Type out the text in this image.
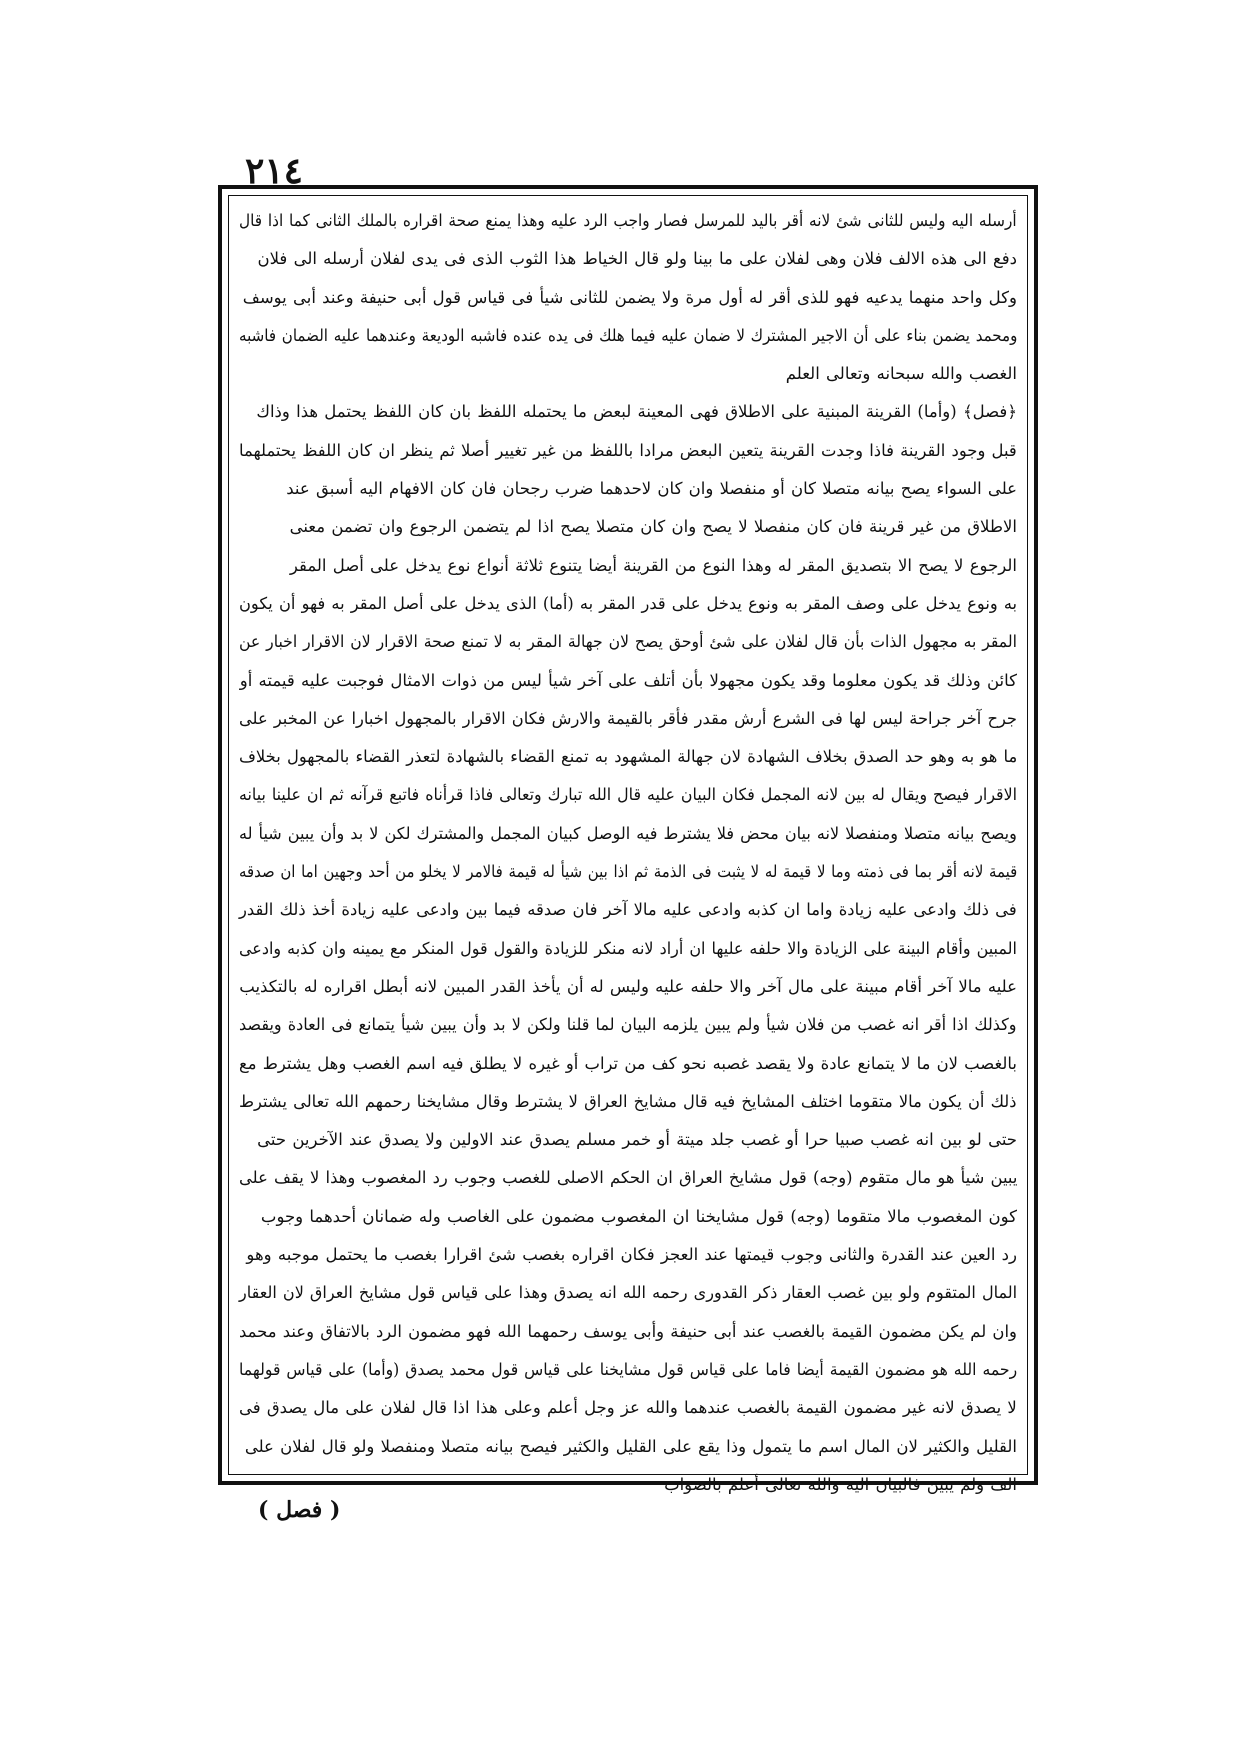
٢١٤
أرسله اليه وليس للثانى شئ لانه أقر باليد للمرسل فصار واجب الرد عليه وهذا يمنع صحة اقراره بالملك الثانى كما اذا قال
دفع الى هذه الالف فلان وهى لفلان على ما بينا ولو قال الخياط هذا الثوب الذى فى يدى لفلان أرسله الى فلان
وكل واحد منهما يدعيه فهو للذى أقر له أول مرة ولا يضمن للثانى شيأ فى قياس قول أبى حنيفة وعند أبى يوسف
ومحمد يضمن بناء على أن الاجير المشترك لا ضمان عليه فيما هلك فى يده عنده فاشبه الوديعة وعندهما عليه الضمان فاشبه
الغصب والله سبحانه وتعالى العلم
﴿فصل﴾ (وأما) القرينة المبنية على الاطلاق فهى المعينة لبعض ما يحتمله اللفظ بان كان اللفظ يحتمل هذا وذاك
قبل وجود القرينة فاذا وجدت القرينة يتعين البعض مرادا باللفظ من غير تغيير أصلا ثم ينظر ان كان اللفظ يحتملهما
على السواء يصح بيانه متصلا كان أو منفصلا وان كان لاحدهما ضرب رجحان فان كان الافهام اليه أسبق عند
الاطلاق من غير قرينة فان كان منفصلا لا يصح وان كان متصلا يصح اذا لم يتضمن الرجوع وان تضمن معنى
الرجوع لا يصح الا بتصديق المقر له وهذا النوع من القرينة أيضا يتنوع ثلاثة أنواع نوع يدخل على أصل المقر
به ونوع يدخل على وصف المقر به ونوع يدخل على قدر المقر به (أما) الذى يدخل على أصل المقر به فهو أن يكون
المقر به مجهول الذات بأن قال لفلان على شئ أوحق يصح لان جهالة المقر به لا تمنع صحة الاقرار لان الاقرار اخبار عن
كائن وذلك قد يكون معلوما وقد يكون مجهولا بأن أتلف على آخر شيأ ليس من ذوات الامثال فوجبت عليه قيمته أو
جرح آخر جراحة ليس لها فى الشرع أرش مقدر فأقر بالقيمة والارش فكان الاقرار بالمجهول اخبارا عن المخبر على
ما هو به وهو حد الصدق بخلاف الشهادة لان جهالة المشهود به تمنع القضاء بالشهادة لتعذر القضاء بالمجهول بخلاف
الاقرار فيصح ويقال له بين لانه المجمل فكان البيان عليه قال الله تبارك وتعالى فاذا قرأناه فاتبع قرآنه ثم ان علينا بيانه
ويصح بيانه متصلا ومنفصلا لانه بيان محض فلا يشترط فيه الوصل كبيان المجمل والمشترك لكن لا بد وأن يبين شيأ له
قيمة لانه أقر بما فى ذمته وما لا قيمة له لا يثبت فى الذمة ثم اذا بين شيأ له قيمة فالامر لا يخلو من أحد وجهين اما ان صدقه
فى ذلك وادعى عليه زيادة واما ان كذبه وادعى عليه مالا آخر فان صدقه فيما بين وادعى عليه زيادة أخذ ذلك القدر
المبين وأقام البينة على الزيادة والا حلفه عليها ان أراد لانه منكر للزيادة والقول قول المنكر مع يمينه وان كذبه وادعى
عليه مالا آخر أقام مبينة على مال آخر والا حلفه عليه وليس له أن يأخذ القدر المبين لانه أبطل اقراره له بالتكذيب
وكذلك اذا أقر انه غصب من فلان شيأ ولم يبين يلزمه البيان لما قلنا ولكن لا بد وأن يبين شيأ يتمانع فى العادة ويقصد
بالغصب لان ما لا يتمانع عادة ولا يقصد غصبه نحو كف من تراب أو غيره لا يطلق فيه اسم الغصب وهل يشترط مع
ذلك أن يكون مالا متقوما اختلف المشايخ فيه قال مشايخ العراق لا يشترط وقال مشايخنا رحمهم الله تعالى يشترط
حتى لو بين انه غصب صبيا حرا أو غصب جلد ميتة أو خمر مسلم يصدق عند الاولين ولا يصدق عند الآخرين حتى
يبين شيأ هو مال متقوم (وجه) قول مشايخ العراق ان الحكم الاصلى للغصب وجوب رد المغصوب وهذا لا يقف على
كون المغصوب مالا متقوما (وجه) قول مشايخنا ان المغصوب مضمون على الغاصب وله ضمانان أحدهما وجوب
رد العين عند القدرة والثانى وجوب قيمتها عند العجز فكان اقراره بغصب شئ اقرارا بغصب ما يحتمل موجبه وهو
المال المتقوم ولو بين غصب العقار ذكر القدورى رحمه الله انه يصدق وهذا على قياس قول مشايخ العراق لان العقار
وان لم يكن مضمون القيمة بالغصب عند أبى حنيفة وأبى يوسف رحمهما الله فهو مضمون الرد بالاتفاق وعند محمد
رحمه الله هو مضمون القيمة أيضا فاما على قياس قول مشايخنا على قياس قول محمد يصدق (وأما) على قياس قولهما
لا يصدق لانه غير مضمون القيمة بالغصب عندهما والله عز وجل أعلم وعلى هذا اذا قال لفلان على مال يصدق فى
القليل والكثير لان المال اسم ما يتمول وذا يقع على القليل والكثير فيصح بيانه متصلا ومنفصلا ولو قال لفلان على
الف ولم يبين فالبيان اليه والله تعالى أعلم بالصواب
( فصل )
